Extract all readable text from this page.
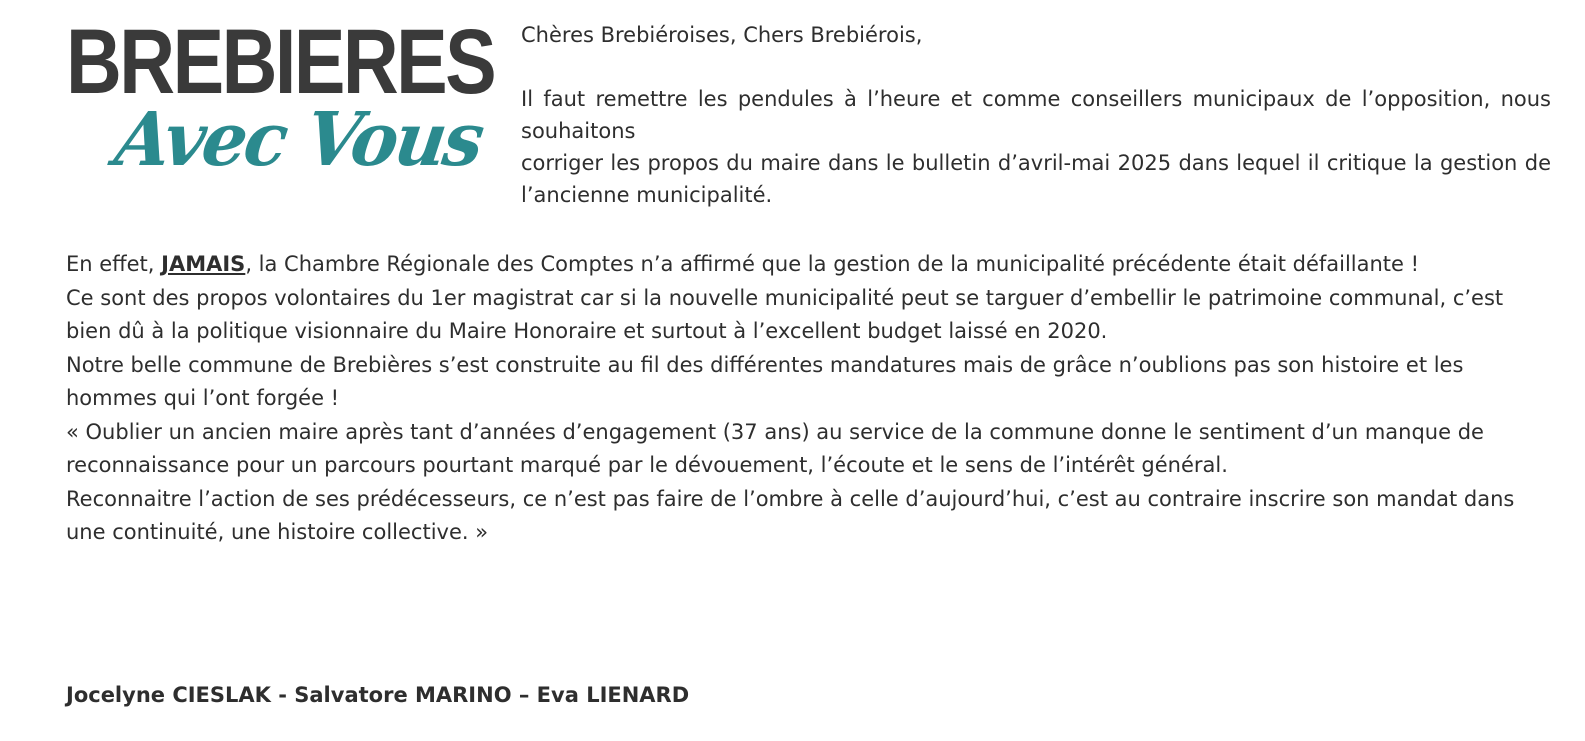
BREBIERES
Avec Vous

Chères Brebiéroises, Chers Brebiérois,

Il faut remettre les pendules à l’heure et comme conseillers municipaux de l’opposition, nous souhaitons

corriger les propos du maire dans le bulletin d’avril-mai 2025 dans lequel il critique la gestion de l’ancienne municipalité.

En effet, JAMAIS, la Chambre Régionale des Comptes n’a affirmé que la gestion de la municipalité précédente était défaillante !

Ce sont des propos volontaires du 1er magistrat car si la nouvelle municipalité peut se targuer d’embellir le patrimoine communal, c’est bien dû à la politique visionnaire du Maire Honoraire et surtout à l’excellent budget laissé en 2020.

Notre belle commune de Brebières s’est construite au fil des différentes mandatures mais de grâce n’oublions pas son histoire et les hommes qui l’ont forgée !

« Oublier un ancien maire après tant d’années d’engagement (37 ans) au service de la commune donne le sentiment d’un manque de reconnaissance pour un parcours pourtant marqué par le dévouement, l’écoute et le sens de l’intérêt général.

Reconnaitre l’action de ses prédécesseurs, ce n’est pas faire de l’ombre à celle d’aujourd’hui, c’est au contraire inscrire son mandat dans une continuité, une histoire collective. »

Jocelyne CIESLAK - Salvatore MARINO – Eva LIENARD
